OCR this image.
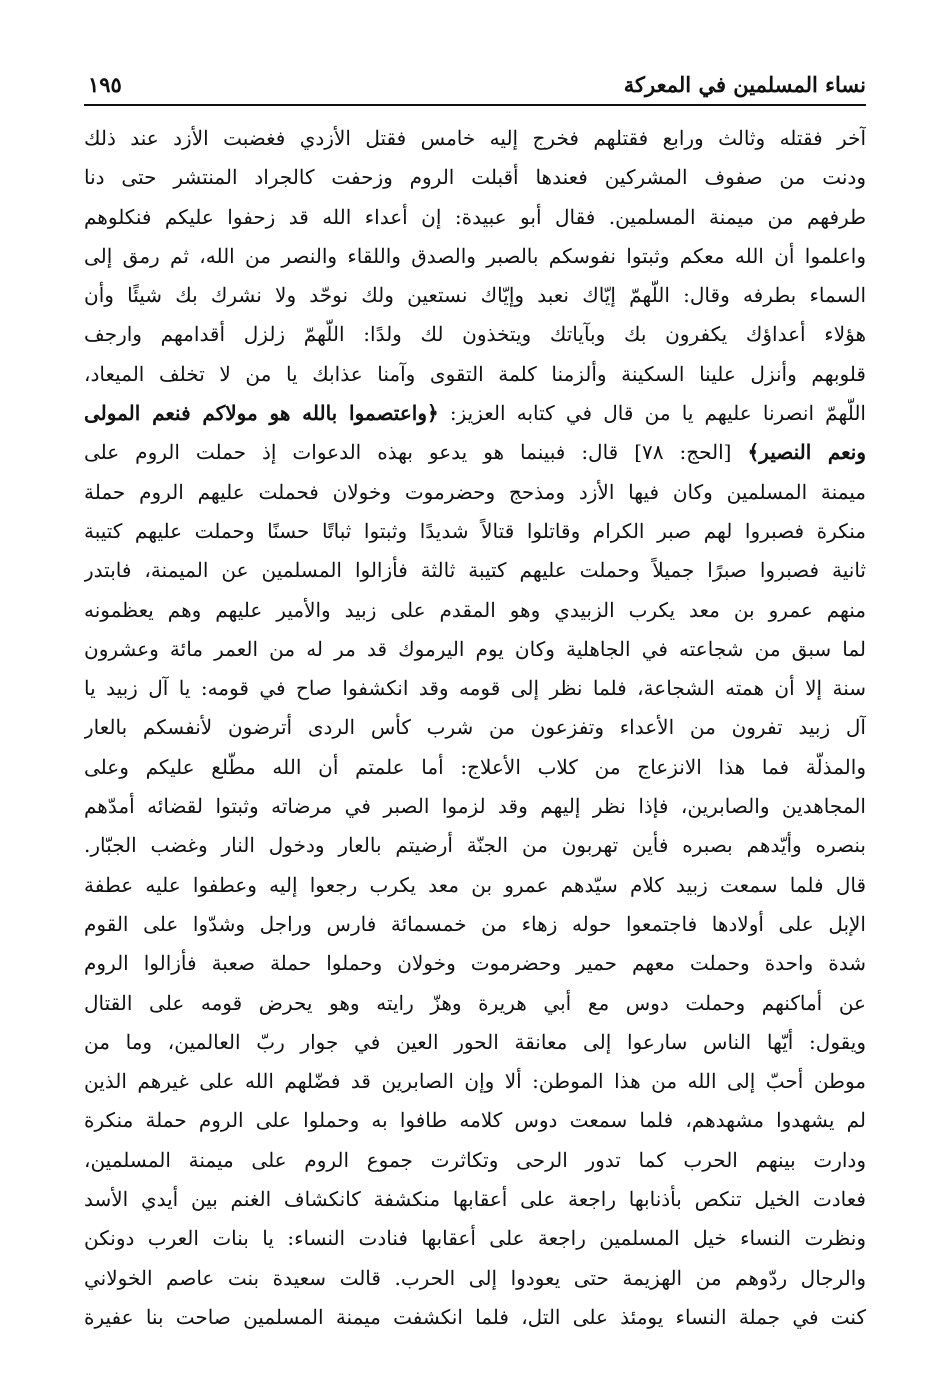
نساء المسلمين في المعركة
١٩٥
آخر فقتله وثالث ورابع فقتلهم فخرج إليه خامس فقتل الأزدي فغضبت الأزد عند ذلك
ودنت من صفوف المشركين فعندها أقبلت الروم وزحفت كالجراد المنتشر حتى دنا
طرفهم من ميمنة المسلمين. فقال أبو عبيدة: إن أعداء الله قد زحفوا عليكم فنكلوهم
واعلموا أن الله معكم وثبتوا نفوسكم بالصبر والصدق واللقاء والنصر من الله، ثم رمق إلى
السماء بطرفه وقال: اللّهمّ إيّاك نعبد وإيّاك نستعين ولك نوحّد ولا نشرك بك شيئًا وأن
هؤلاء أعداؤك يكفرون بك وبآياتك ويتخذون لك ولدًا: اللّهمّ زلزل أقدامهم وارجف
قلوبهم وأنزل علينا السكينة وألزمنا كلمة التقوى وآمنا عذابك يا من لا تخلف الميعاد،
اللّهمّ انصرنا عليهم يا من قال في كتابه العزيز: ﴿واعتصموا بالله هو مولاكم فنعم المولى
ونعم النصير﴾ [الحج: ٧٨] قال: فبينما هو يدعو بهذه الدعوات إذ حملت الروم على
ميمنة المسلمين وكان فيها الأزد ومذحج وحضرموت وخولان فحملت عليهم الروم حملة
منكرة فصبروا لهم صبر الكرام وقاتلوا قتالاً شديدًا وثبتوا ثباتًا حسنًا وحملت عليهم كتيبة
ثانية فصبروا صبرًا جميلاً وحملت عليهم كتيبة ثالثة فأزالوا المسلمين عن الميمنة، فابتدر
منهم عمرو بن معد يكرب الزبيدي وهو المقدم على زبيد والأمير عليهم وهم يعظمونه
لما سبق من شجاعته في الجاهلية وكان يوم اليرموك قد مر له من العمر مائة وعشرون
سنة إلا أن همته الشجاعة، فلما نظر إلى قومه وقد انكشفوا صاح في قومه: يا آل زبيد يا
آل زبيد تفرون من الأعداء وتفزعون من شرب كأس الردى أترضون لأنفسكم بالعار
والمذلّة فما هذا الانزعاج من كلاب الأعلاج: أما علمتم أن الله مطّلع عليكم وعلى
المجاهدين والصابرين، فإذا نظر إليهم وقد لزموا الصبر في مرضاته وثبتوا لقضائه أمدّهم
بنصره وأيّدهم بصبره فأين تهربون من الجنّة أرضيتم بالعار ودخول النار وغضب الجبّار.
قال فلما سمعت زبيد كلام سيّدهم عمرو بن معد يكرب رجعوا إليه وعطفوا عليه عطفة
الإبل على أولادها فاجتمعوا حوله زهاء من خمسمائة فارس وراجل وشدّوا على القوم
شدة واحدة وحملت معهم حمير وحضرموت وخولان وحملوا حملة صعبة فأزالوا الروم
عن أماكنهم وحملت دوس مع أبي هريرة وهزّ رايته وهو يحرض قومه على القتال
ويقول: أيّها الناس سارعوا إلى معانقة الحور العين في جوار ربّ العالمين، وما من
موطن أحبّ إلى الله من هذا الموطن: ألا وإن الصابرين قد فضّلهم الله على غيرهم الذين
لم يشهدوا مشهدهم، فلما سمعت دوس كلامه طافوا به وحملوا على الروم حملة منكرة
ودارت بينهم الحرب كما تدور الرحى وتكاثرت جموع الروم على ميمنة المسلمين،
فعادت الخيل تنكص بأذنابها راجعة على أعقابها منكشفة كانكشاف الغنم بين أيدي الأسد
ونظرت النساء خيل المسلمين راجعة على أعقابها فنادت النساء: يا بنات العرب دونكن
والرجال ردّوهم من الهزيمة حتى يعودوا إلى الحرب. قالت سعيدة بنت عاصم الخولاني
كنت في جملة النساء يومئذ على التل، فلما انكشفت ميمنة المسلمين صاحت بنا عفيرة
